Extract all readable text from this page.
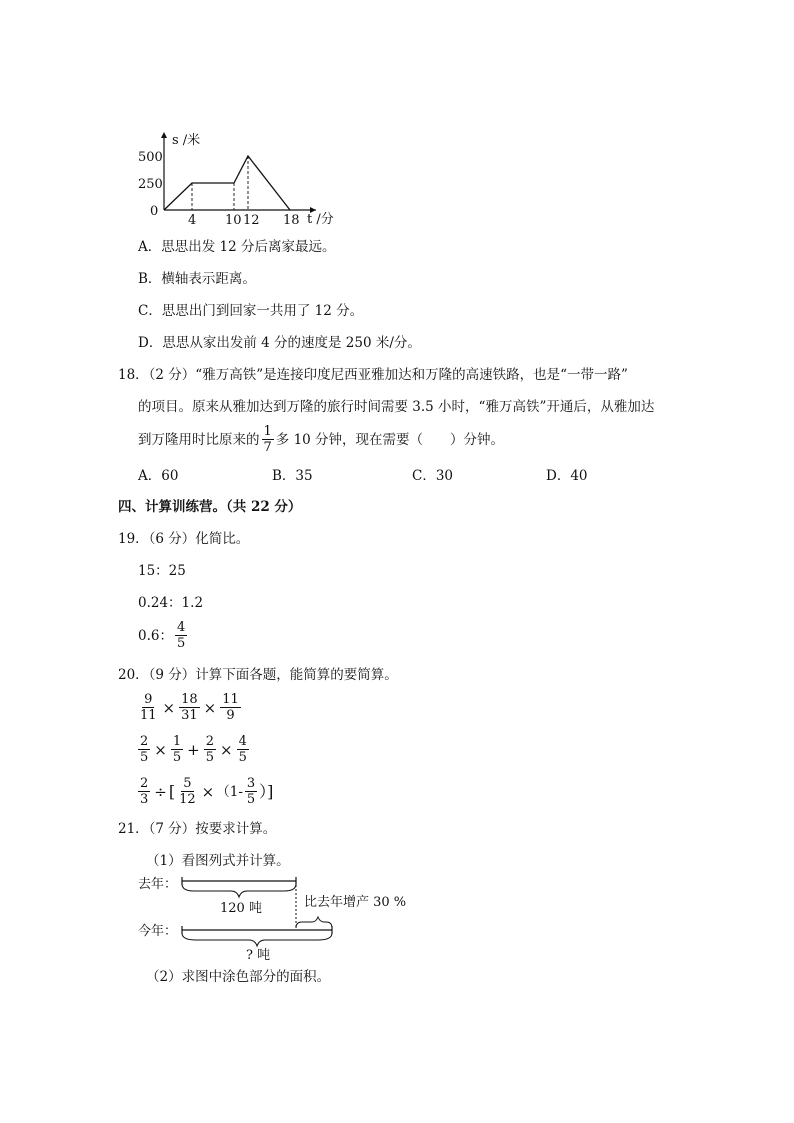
s /米
t /分
0
500
250
4 10 12 18
A．思思出发 12 分后离家最远。
B．横轴表示距离。
C．思思出门到回家一共用了 12 分。
D．思思从家出发前 4 分的速度是 250 米/分。
18．（2 分）“雅万高铁”是连接印度尼西亚雅加达和万隆的高速铁路，也是“一带一路”
的项目。原来从雅加达到万隆的旅行时间需要 3.5 小时，“雅万高铁”开通后，从雅加达
到万隆用时比原来的 $\frac{1}{7}$ 多 10 分钟，现在需要（　　）分钟。
A．60	B．35	C．30	D．40
四、计算训练营。（共 22 分）
19．（6 分）化简比。
15：25
0.24：1.2
0.6： $\frac{4}{5}$
20．（9 分）计算下面各题，能简算的要简算。
$\frac{9}{11} \times \frac{18}{31} \times \frac{11}{9}$
$\frac{2}{5} \times \frac{1}{5} + \frac{2}{5} \times \frac{4}{5}$
$\frac{2}{3}$ ÷ [ $\frac{5}{12} \times (1- \frac{3}{5}$ ）]
21．（7 分）按要求计算。
（1）看图列式并计算。
去年：
120 吨	比去年增产 30 %
今年：
? 吨
（2）求图中涂色部分的面积。
